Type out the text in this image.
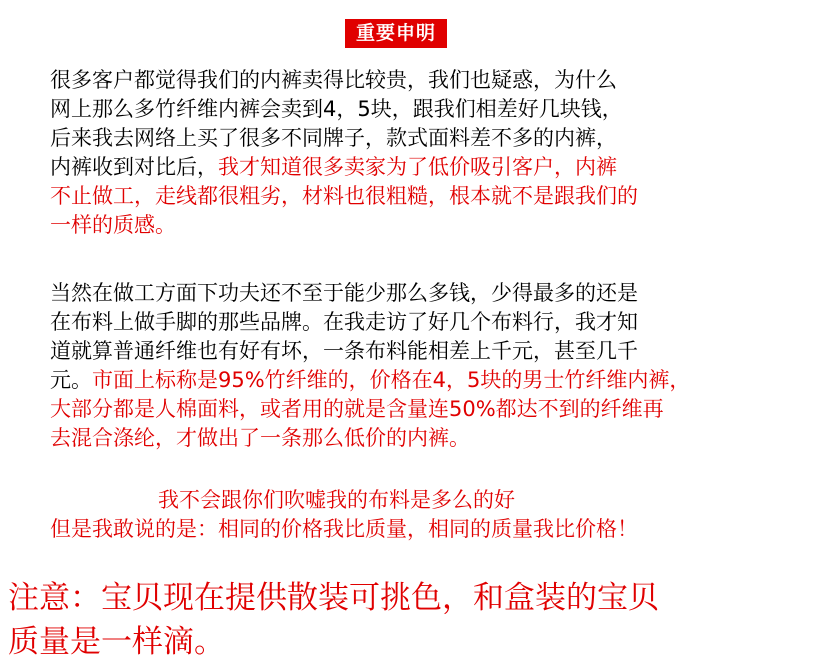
重要申明
很多客户都觉得我们的内裤卖得比较贵，我们也疑惑，为什么
网上那么多竹纤维内裤会卖到4，5块，跟我们相差好几块钱，
后来我去网络上买了很多不同牌子，款式面料差不多的内裤，
内裤收到对比后，我才知道很多卖家为了低价吸引客户，内裤
不止做工，走线都很粗劣，材料也很粗糙，根本就不是跟我们的
一样的质感。
当然在做工方面下功夫还不至于能少那么多钱，少得最多的还是
在布料上做手脚的那些品牌。在我走访了好几个布料行，我才知
道就算普通纤维也有好有坏，一条布料能相差上千元，甚至几千
元。市面上标称是95%竹纤维的，价格在4，5块的男士竹纤维内裤，
大部分都是人棉面料，或者用的就是含量连50%都达不到的纤维再
去混合涤纶，才做出了一条那么低价的内裤。
我不会跟你们吹嘘我的布料是多么的好
但是我敢说的是：相同的价格我比质量，相同的质量我比价格！
注意：宝贝现在提供散装可挑色，和盒装的宝贝
质量是一样滴。
